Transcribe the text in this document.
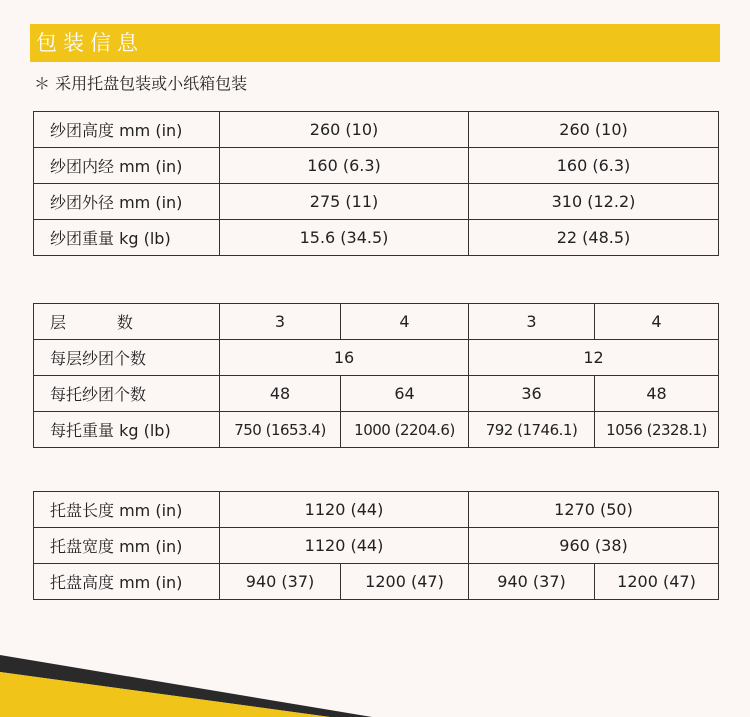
包装信息
＊ 采用托盘包装或小纸箱包装
纱团高度 mm (in)	260 (10)	260 (10)
纱团内经 mm (in)	160 (6.3)	160 (6.3)
纱团外径 mm (in)	275 (11)	310 (12.2)
纱团重量 kg (lb)	15.6 (34.5)	22 (48.5)
层          数	3	4	3	4
每层纱团个数	16		12	
每托纱团个数	48	64	36	48
每托重量 kg (lb)	750 (1653.4)	1000 (2204.6)	792 (1746.1)	1056 (2328.1)
托盘长度 mm (in)	1120 (44)		1270 (50)	
托盘宽度 mm (in)	1120 (44)		960 (38)	
托盘高度 mm (in)	940 (37)	1200 (47)	940 (37)	1200 (47)
